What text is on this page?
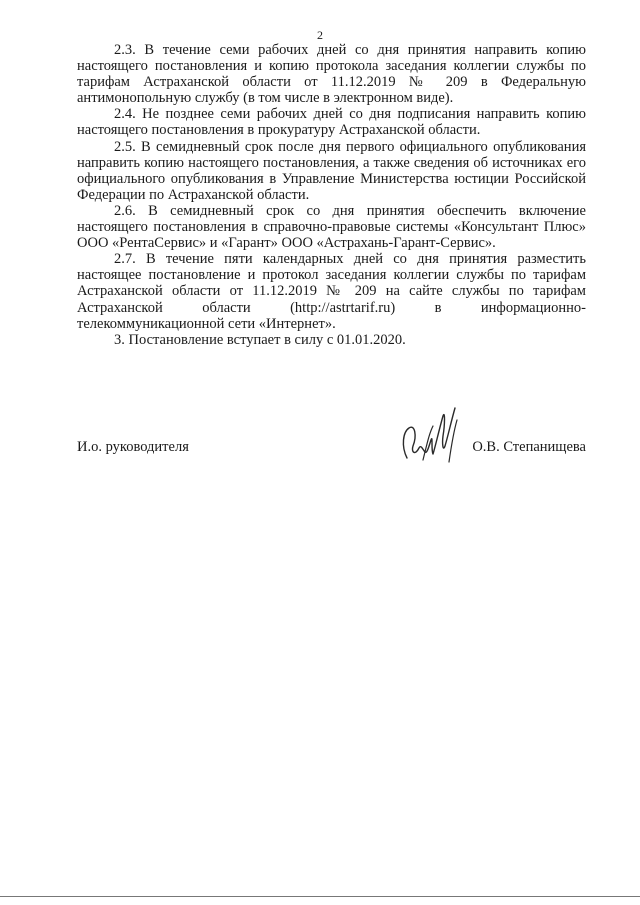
2

2.3. В течение семи рабочих дней со дня принятия направить копию настоящего постановления и копию протокола заседания коллегии службы по тарифам Астраханской области от 11.12.2019 № 209 в Федеральную антимонопольную службу (в том числе в электронном виде).

2.4. Не позднее семи рабочих дней со дня подписания направить копию настоящего постановления в прокуратуру Астраханской области.

2.5. В семидневный срок после дня первого официального опубликования направить копию настоящего постановления, а также сведения об источниках его официального опубликования в Управление Министерства юстиции Российской Федерации по Астраханской области.

2.6. В семидневный срок со дня принятия обеспечить включение настоящего постановления в справочно-правовые системы «Консультант Плюс» ООО «РентаСервис» и «Гарант» ООО «Астрахань-Гарант-Сервис».

2.7. В течение пяти календарных дней со дня принятия разместить настоящее постановление и протокол заседания коллегии службы по тарифам Астраханской области от 11.12.2019 № 209 на сайте службы по тарифам Астраханской области (http://astrtarif.ru) в информационно-телекоммуникационной сети «Интернет».

3. Постановление вступает в силу с 01.01.2020.

И.о. руководителя	О.В. Степанищева
